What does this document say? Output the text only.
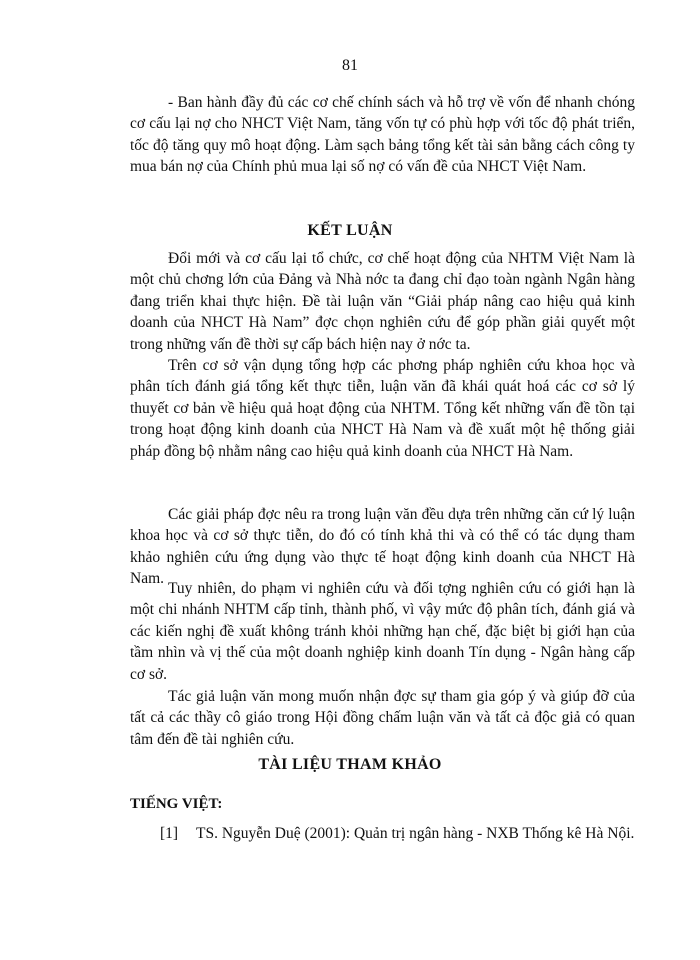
81

- Ban hành đầy đủ các cơ chế chính sách và hỗ trợ về vốn để nhanh chóng cơ cấu lại nợ cho NHCT Việt Nam, tăng vốn tự có phù hợp với tốc độ phát triển, tốc độ tăng quy mô hoạt động. Làm sạch bảng tổng kết tài sản bằng cách công ty mua bán nợ của Chính phủ mua lại số nợ có vấn đề của NHCT Việt Nam.

KẾT LUẬN

Đổi mới và cơ cấu lại tổ chức, cơ chế hoạt động của NHTM Việt Nam là một chủ chơng lớn của Đảng và Nhà nớc ta đang chỉ đạo toàn ngành Ngân hàng đang triển khai thực hiện. Đề tài luận văn “Giải pháp nâng cao hiệu quả kinh doanh của NHCT Hà Nam” đợc chọn nghiên cứu để góp phần giải quyết một trong những vấn đề thời sự cấp bách hiện nay ở nớc ta.

Trên cơ sở vận dụng tổng hợp các phơng pháp nghiên cứu khoa học và phân tích đánh giá tổng kết thực tiễn, luận văn đã khái quát hoá các cơ sở lý thuyết cơ bản về hiệu quả hoạt động của NHTM. Tổng kết những vấn đề tồn tại trong hoạt động kinh doanh của NHCT Hà Nam và đề xuất một hệ thống giải pháp đồng bộ nhằm nâng cao hiệu quả kinh doanh của NHCT Hà Nam.

Các giải pháp đợc nêu ra trong luận văn đều dựa trên những căn cứ lý luận khoa học và cơ sở thực tiễn, do đó có tính khả thi và có thể có tác dụng tham khảo nghiên cứu ứng dụng vào thực tế hoạt động kinh doanh của NHCT Hà Nam.

Tuy nhiên, do phạm vi nghiên cứu và đối tợng nghiên cứu có giới hạn là một chi nhánh NHTM cấp tỉnh, thành phố, vì vậy mức độ phân tích, đánh giá và các kiến nghị đề xuất không tránh khỏi những hạn chế, đặc biệt bị giới hạn của tầm nhìn và vị thế của một doanh nghiệp kinh doanh Tín dụng - Ngân hàng cấp cơ sở.

Tác giả luận văn mong muốn nhận đợc sự tham gia góp ý và giúp đỡ của tất cả các thầy cô giáo trong Hội đồng chấm luận văn và tất cả độc giả có quan tâm đến đề tài nghiên cứu.

TÀI LIỆU THAM KHẢO
TIẾNG VIỆT:
[1] TS. Nguyễn Duệ (2001): Quản trị ngân hàng - NXB Thống kê Hà Nội.
